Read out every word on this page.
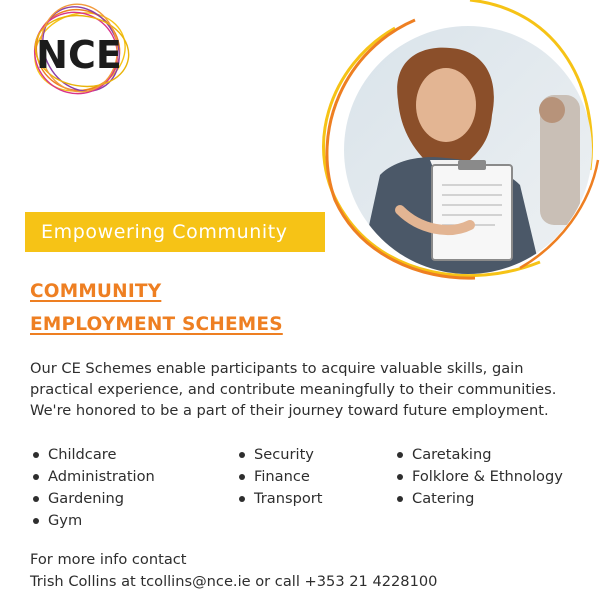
NCE
Empowering Community
COMMUNITY
EMPLOYMENT SCHEMES

Our CE Schemes enable participants to acquire valuable skills, gain practical experience, and contribute meaningfully to their communities. We're honored to be a part of their journey toward future employment.

Childcare
Administration
Gardening
Gym
Security
Finance
Transport
Caretaking
Folklore & Ethnology
Catering
For more info contact
Trish Collins at tcollins@nce.ie or call +353 21 4228100
